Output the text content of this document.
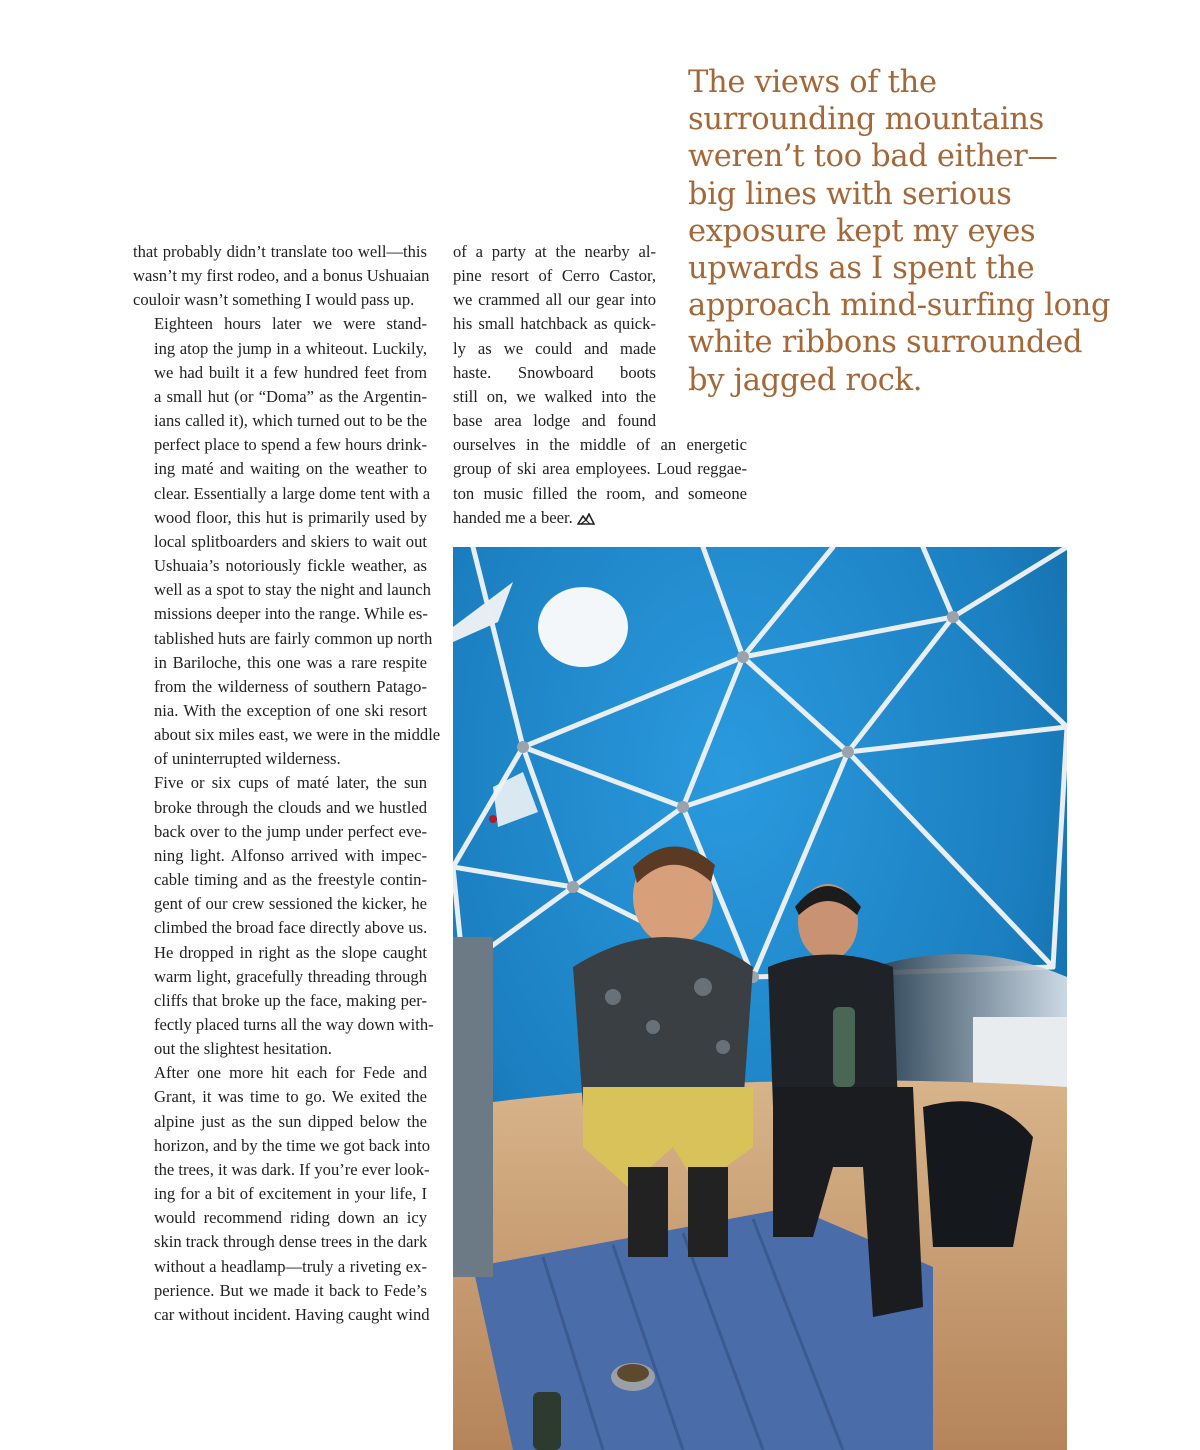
The views of the
surrounding mountains
weren’t too bad either—
big lines with serious
exposure kept my eyes
upwards as I spent the
approach mind-surfing long
white ribbons surrounded
by jagged rock.

that probably didn’t translate too well—this
wasn’t my first rodeo, and a bonus Ushuaian
couloir wasn’t something I would pass up.

Eighteen hours later we were stand-
ing atop the jump in a whiteout. Luckily,
we had built it a few hundred feet from
a small hut (or “Doma” as the Argentin-
ians called it), which turned out to be the
perfect place to spend a few hours drink-
ing maté and waiting on the weather to
clear. Essentially a large dome tent with a
wood floor, this hut is primarily used by
local splitboarders and skiers to wait out
Ushuaia’s notoriously fickle weather, as
well as a spot to stay the night and launch
missions deeper into the range. While es-
tablished huts are fairly common up north
in Bariloche, this one was a rare respite
from the wilderness of southern Patago-
nia. With the exception of one ski resort
about six miles east, we were in the middle
of uninterrupted wilderness.

Five or six cups of maté later, the sun
broke through the clouds and we hustled
back over to the jump under perfect eve-
ning light. Alfonso arrived with impec-
cable timing and as the freestyle contin-
gent of our crew sessioned the kicker, he
climbed the broad face directly above us.
He dropped in right as the slope caught
warm light, gracefully threading through
cliffs that broke up the face, making per-
fectly placed turns all the way down with-
out the slightest hesitation.

After one more hit each for Fede and
Grant, it was time to go. We exited the
alpine just as the sun dipped below the
horizon, and by the time we got back into
the trees, it was dark. If you’re ever look-
ing for a bit of excitement in your life, I
would recommend riding down an icy
skin track through dense trees in the dark
without a headlamp—truly a riveting ex-
perience. But we made it back to Fede’s
car without incident. Having caught wind

of a party at the nearby al-
pine resort of Cerro Castor,
we crammed all our gear into
his small hatchback as quick-
ly as we could and made
haste. Snowboard boots
still on, we walked into the
base area lodge and found
ourselves in the middle of an energetic
group of ski area employees. Loud reggae-
ton music filled the room, and someone
handed me a beer.
